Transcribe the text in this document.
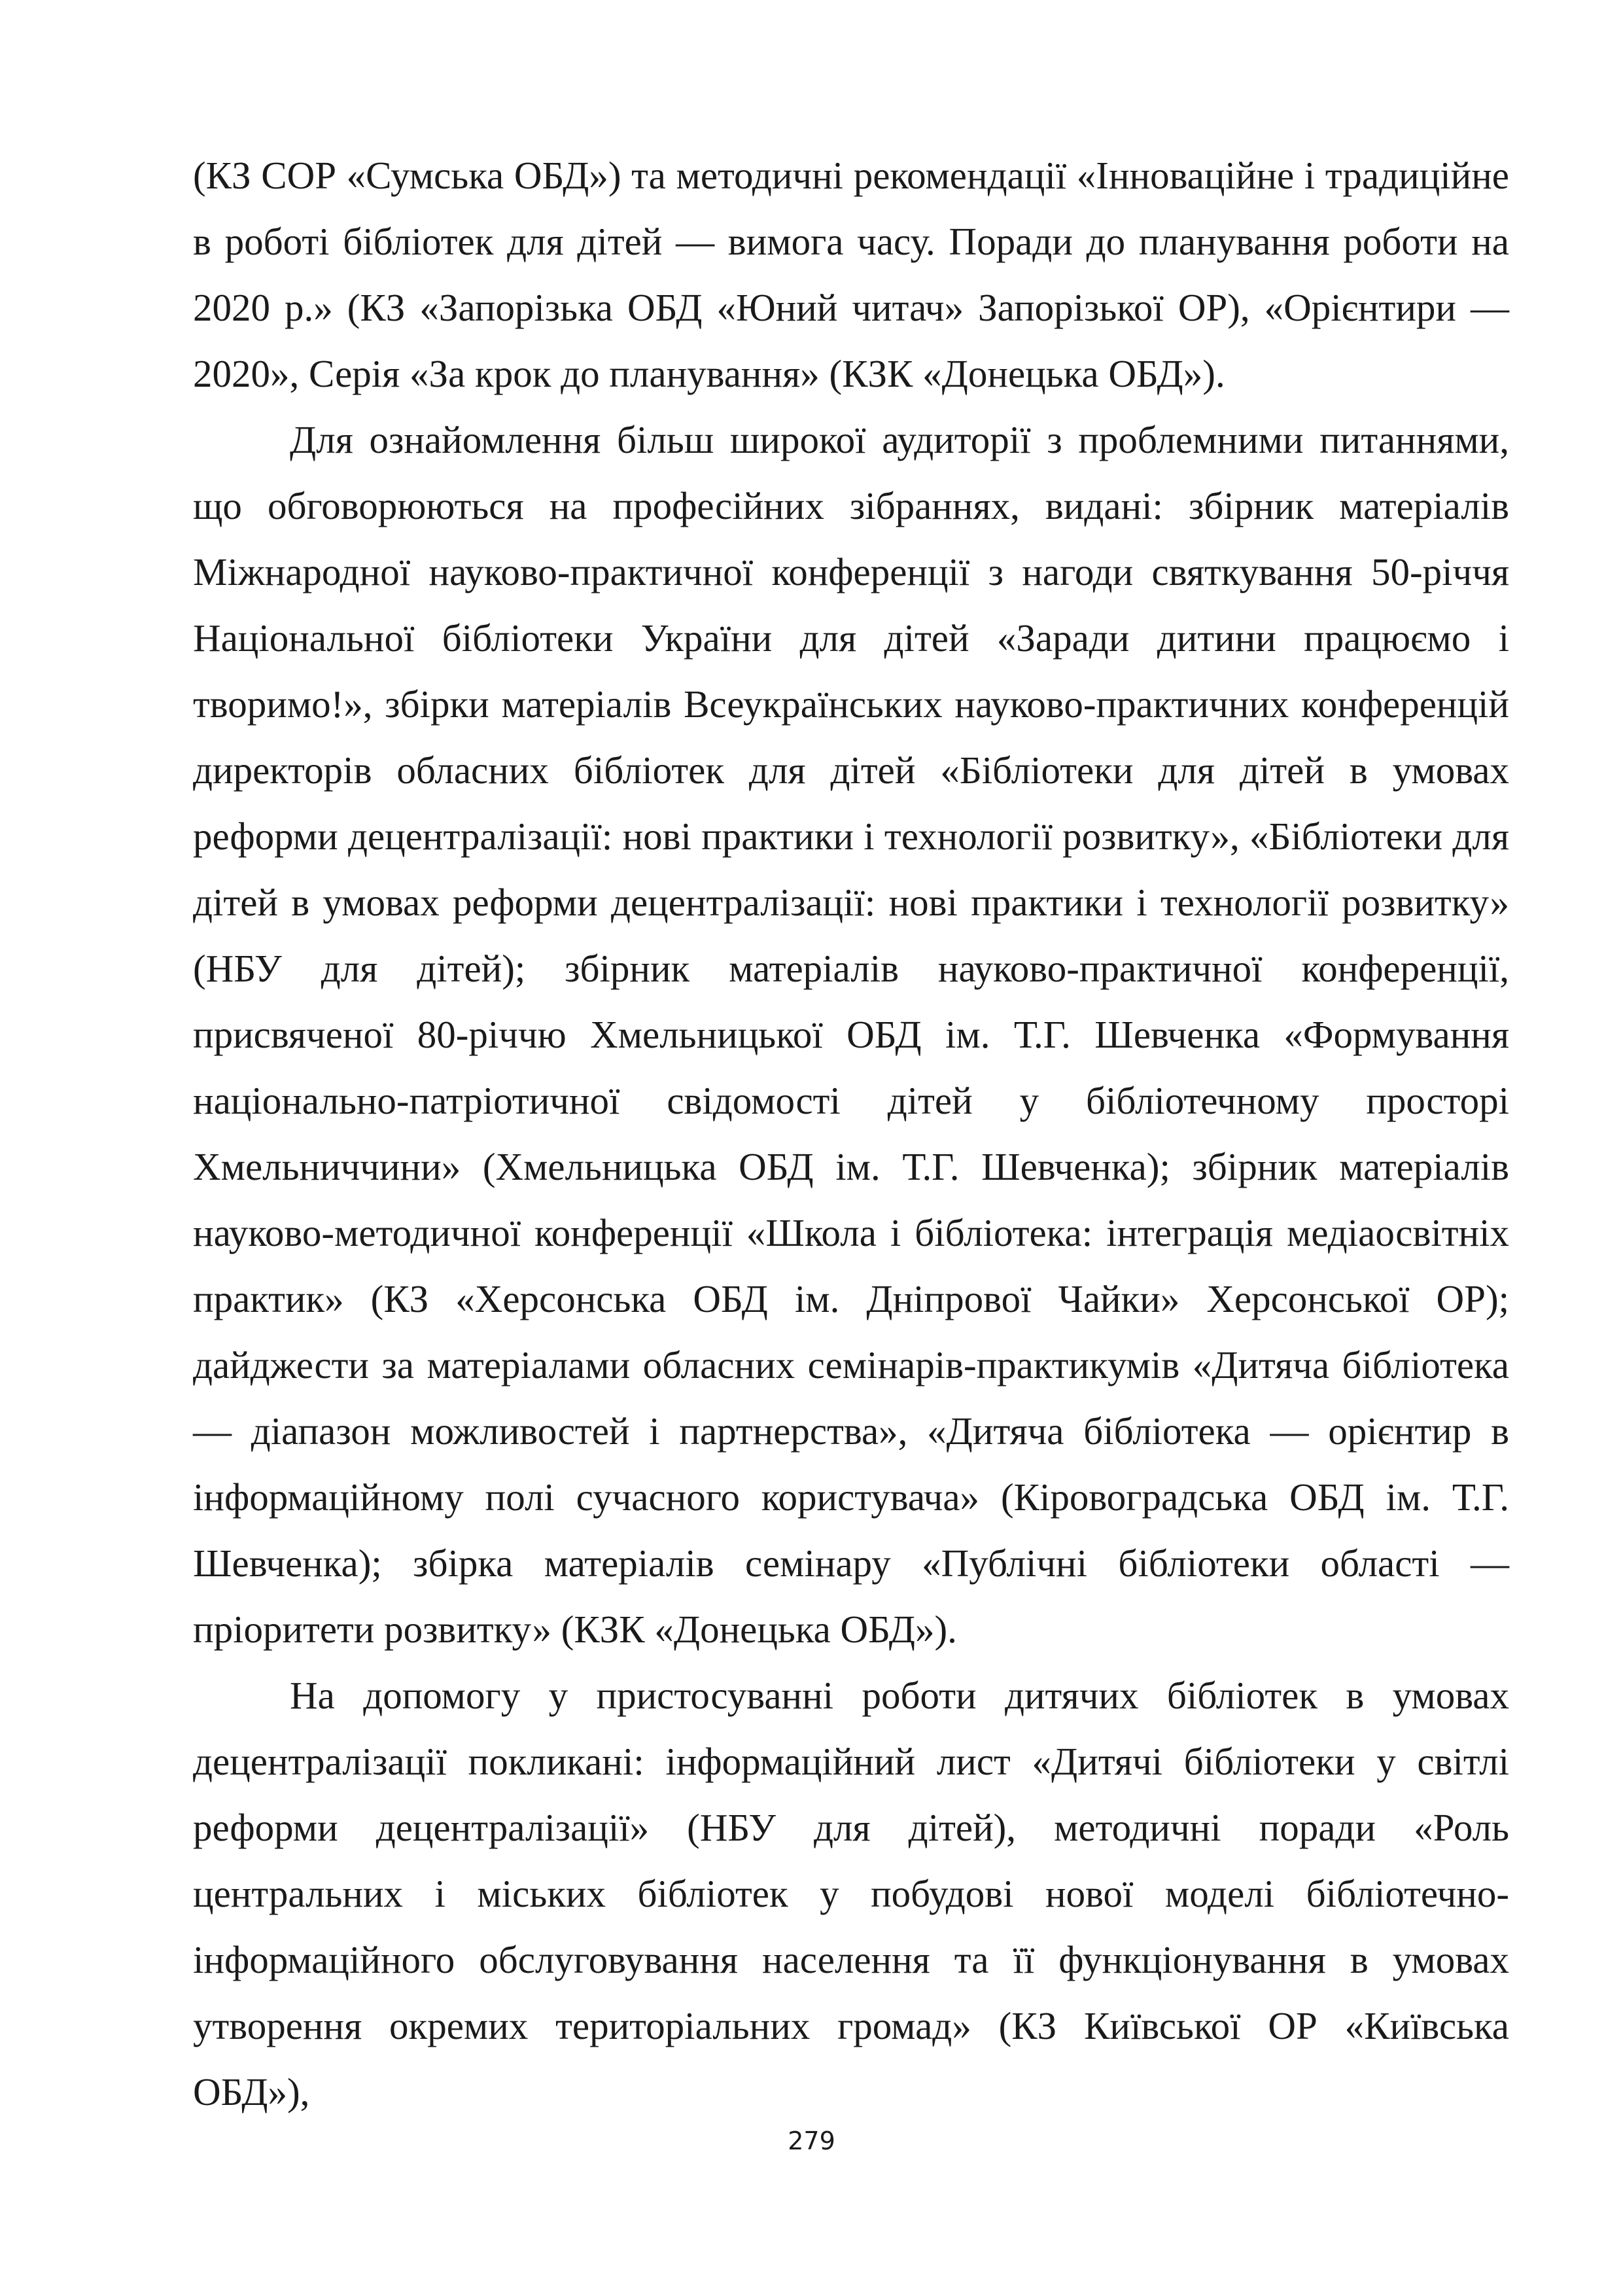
(КЗ СОР «Сумська ОБД») та методичні рекомендації «Інноваційне і традиційне в роботі бібліотек для дітей — вимога часу. Поради до планування роботи на 2020 р.» (КЗ «Запорізька ОБД «Юний читач» Запорізької ОР), «Орієнтири — 2020», Серія «За крок до планування» (КЗК «Донецька ОБД»).

Для ознайомлення більш широкої аудиторії з проблемними питаннями, що обговорюються на професійних зібраннях, видані: збірник матеріалів Міжнародної науково-практичної конференції з нагоди святкування 50-річчя Національної бібліотеки України для дітей «Заради дитини працюємо і творимо!», збірки матеріалів Всеукраїнських науково-практичних конференцій директорів обласних бібліотек для дітей «Бібліотеки для дітей в умовах реформи децентралізації: нові практики і технології розвитку», «Бібліотеки для дітей в умовах реформи децентралізації: нові практики і технології розвитку» (НБУ для дітей); збірник матеріалів науково-практичної конференції, присвяченої 80-річчю Хмельницької ОБД ім. Т.Г. Шевченка «Формування національно-патріотичної свідомості дітей у бібліотечному просторі Хмельниччини» (Хмельницька ОБД ім. Т.Г. Шевченка); збірник матеріалів науково-методичної конференції «Школа і бібліотека: інтеграція медіаосвітніх практик» (КЗ «Херсонська ОБД ім. Дніпрової Чайки» Херсонської ОР); дайджести за матеріалами обласних семінарів-практикумів «Дитяча бібліотека — діапазон можливостей і партнерства», «Дитяча бібліотека — орієнтир в інформаційному полі сучасного користувача» (Кіровоградська ОБД ім. Т.Г. Шевченка); збірка матеріалів семінару «Публічні бібліотеки області — пріоритети розвитку» (КЗК «Донецька ОБД»).

На допомогу у пристосуванні роботи дитячих бібліотек в умовах децентралізації покликані: інформаційний лист «Дитячі бібліотеки у світлі реформи децентралізації» (НБУ для дітей), методичні поради «Роль центральних і міських бібліотек у побудові нової моделі бібліотечно-інформаційного обслуговування населення та її функціонування в умовах утворення окремих територіальних громад» (КЗ Київської ОР «Київська ОБД»),

279
